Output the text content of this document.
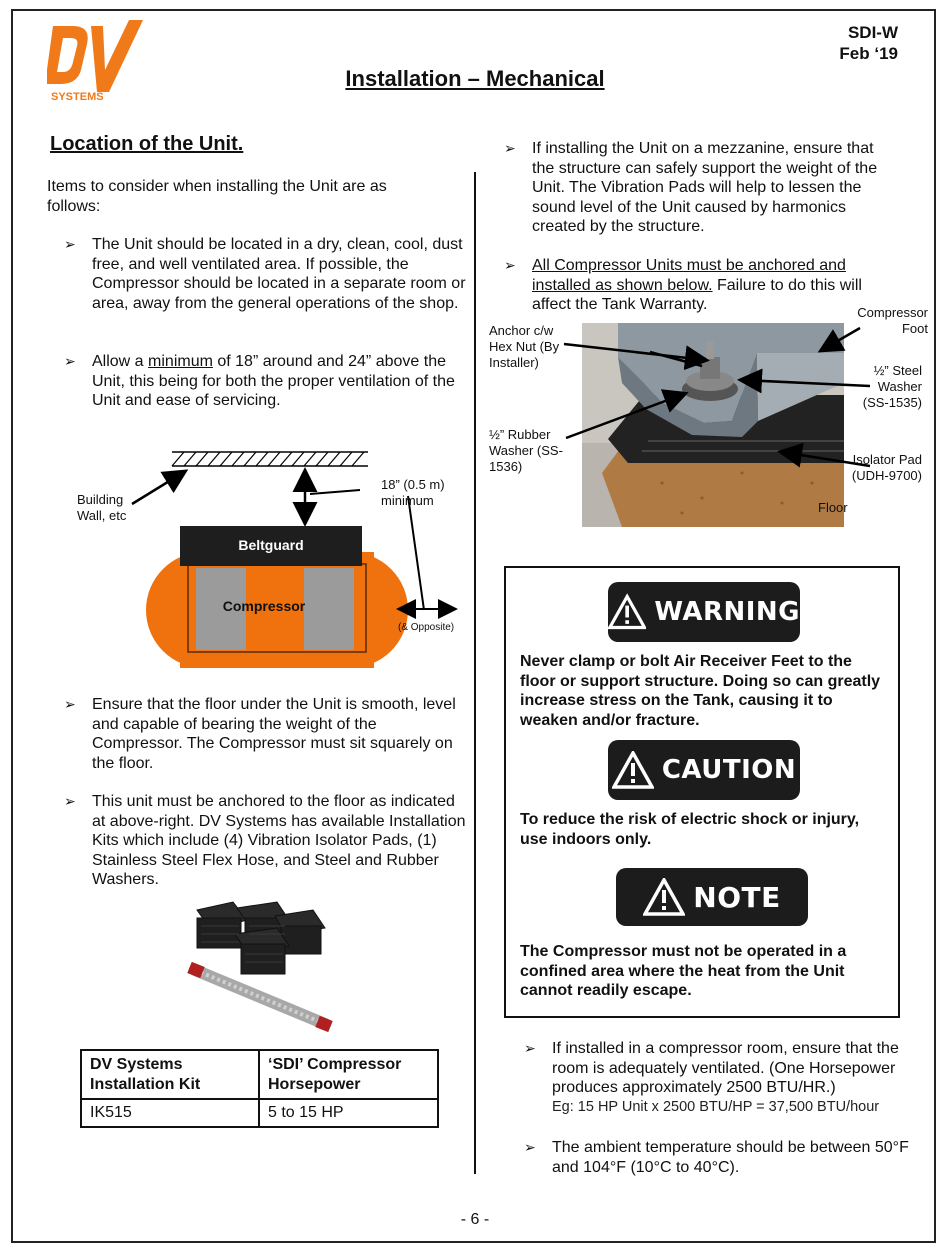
SYSTEMS
SDI-W
Feb ‘19
Installation – Mechanical
Location of the Unit.
Items to consider when installing the Unit are as follows:
➢ The Unit should be located in a dry, clean, cool, dust free, and well ventilated area. If possible, the Compressor should be located in a separate room or area, away from the general operations of the shop.
➢ Allow a minimum of 18” around and 24” above the Unit, this being for both the proper ventilation of the Unit and ease of servicing.
Building Wall, etc
18” (0.5 m) minimum
Beltguard
Compressor
(& Opposite)
➢ Ensure that the floor under the Unit is smooth, level and capable of bearing the weight of the Compressor. The Compressor must sit squarely on the floor.
➢ This unit must be anchored to the floor as indicated at above-right. DV Systems has available Installation Kits which include (4) Vibration Isolator Pads, (1) Stainless Steel Flex Hose, and Steel and Rubber Washers.
DV Systems Installation Kit	‘SDI’ Compressor Horsepower
IK515	5 to 15 HP
➢ If installing the Unit on a mezzanine, ensure that the structure can safely support the weight of the Unit. The Vibration Pads will help to lessen the sound level of the Unit caused by harmonics created by the structure.
➢ All Compressor Units must be anchored and installed as shown below. Failure to do this will affect the Tank Warranty.
Floor
Anchor c/w Hex Nut (By Installer)
Compressor Foot
½” Steel Washer (SS-1535)
½” Rubber Washer (SS-1536)	Isolator Pad (UDH-9700)
WARNING
Never clamp or bolt Air Receiver Feet to the floor or support structure. Doing so can greatly increase stress on the Tank, causing it to weaken and/or fracture.
CAUTION
To reduce the risk of electric shock or injury, use indoors only.
NOTE
The Compressor must not be operated in a confined area where the heat from the Unit cannot readily escape.
➢ If installed in a compressor room, ensure that the room is adequately ventilated. (One Horsepower produces approximately 2500 BTU/HR.)
Eg: 15 HP Unit x 2500 BTU/HP = 37,500 BTU/hour
➢ The ambient temperature should be between 50°F and 104°F (10°C to 40°C).
- 6 -
